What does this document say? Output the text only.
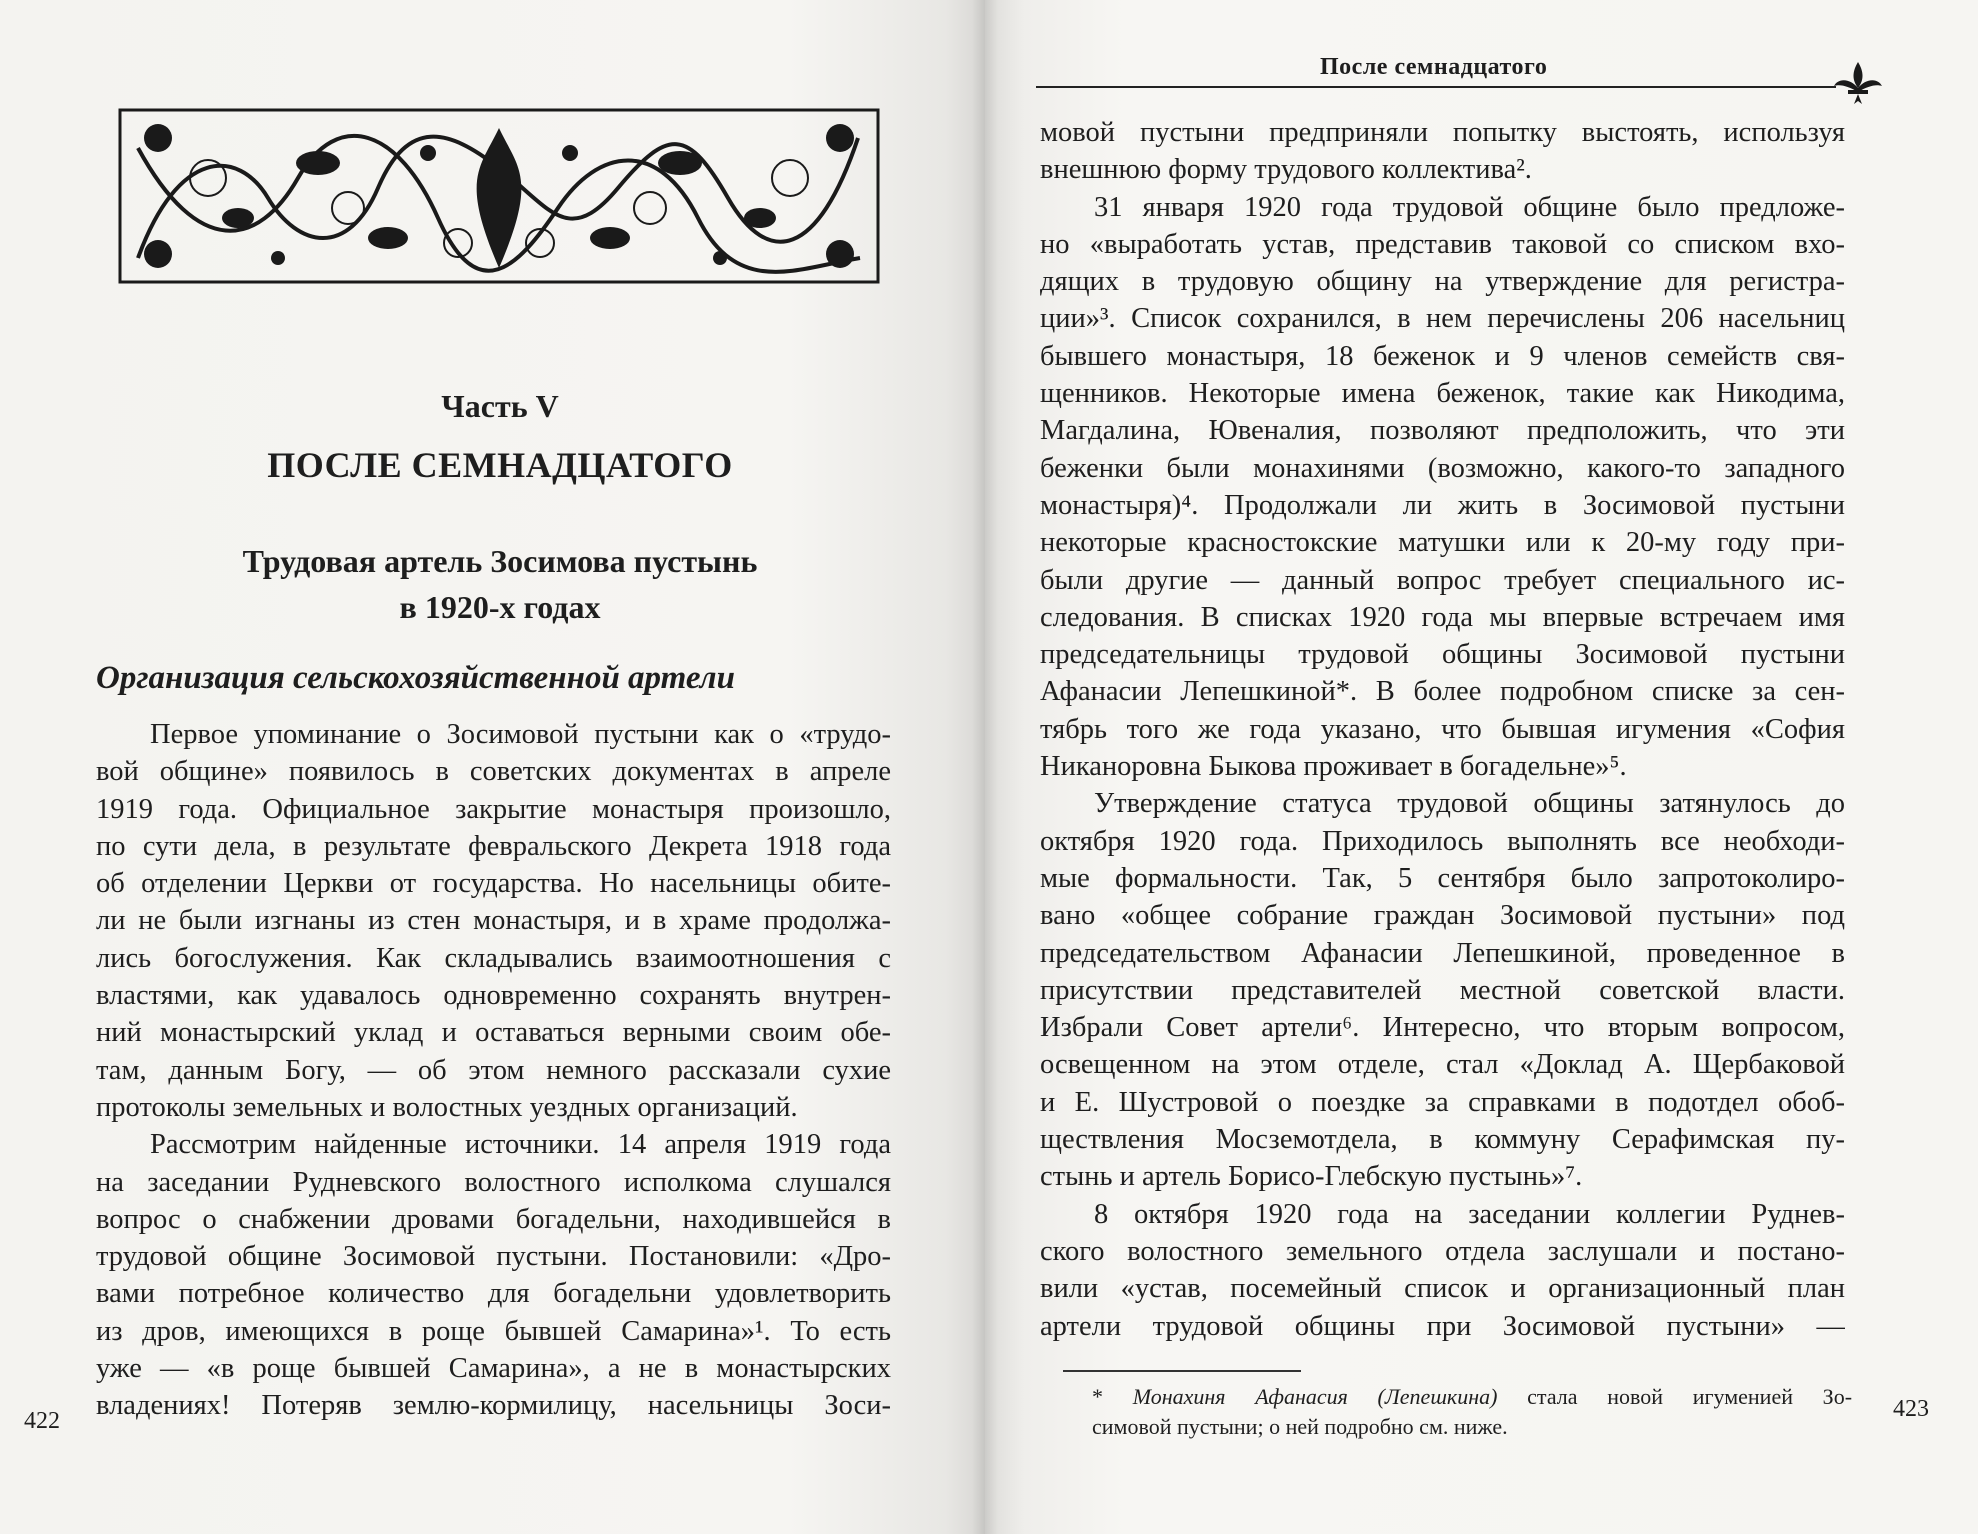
Часть V
ПОСЛЕ СЕМНАДЦАТОГО
Трудовая артель Зосимова пустынь
в 1920-х годах
Организация сельскохозяйственной артели
Первое упоминание о Зосимовой пустыни как о «трудо-
вой общине» появилось в советских документах в апреле
1919 года. Официальное закрытие монастыря произошло,
по сути дела, в результате февральского Декрета 1918 года
об отделении Церкви от государства. Но насельницы обите-
ли не были изгнаны из стен монастыря, и в храме продолжа-
лись богослужения. Как складывались взаимоотношения с
властями, как удавалось одновременно сохранять внутрен-
ний монастырский уклад и оставаться верными своим обе-
там, данным Богу, — об этом немного рассказали сухие
протоколы земельных и волостных уездных организаций.
Рассмотрим найденные источники. 14 апреля 1919 года
на заседании Рудневского волостного исполкома слушался
вопрос о снабжении дровами богадельни, находившейся в
трудовой общине Зосимовой пустыни. Постановили: «Дро-
вами потребное количество для богадельни удовлетворить
из дров, имеющихся в роще бывшей Самарина»¹. То есть
уже — «в роще бывшей Самарина», а не в монастырских
владениях! Потеряв землю-кормилицу, насельницы Зоси-
422
После семнадцатого
мовой пустыни предприняли попытку выстоять, используя
внешнюю форму трудового коллектива².
31 января 1920 года трудовой общине было предложе-
но «выработать устав, представив таковой со списком вхо-
дящих в трудовую общину на утверждение для регистра-
ции»³. Список сохранился, в нем перечислены 206 насельниц
бывшего монастыря, 18 беженок и 9 членов семейств свя-
щенников. Некоторые имена беженок, такие как Никодима,
Магдалина, Ювеналия, позволяют предположить, что эти
беженки были монахинями (возможно, какого-то западного
монастыря)⁴. Продолжали ли жить в Зосимовой пустыни
некоторые красностокские матушки или к 20-му году при-
были другие — данный вопрос требует специального ис-
следования. В списках 1920 года мы впервые встречаем имя
председательницы трудовой общины Зосимовой пустыни
Афанасии Лепешкиной*. В более подробном списке за сен-
тябрь того же года указано, что бывшая игумения «София
Никаноровна Быкова проживает в богадельне»⁵.
Утверждение статуса трудовой общины затянулось до
октября 1920 года. Приходилось выполнять все необходи-
мые формальности. Так, 5 сентября было запротоколиро-
вано «общее собрание граждан Зосимовой пустыни» под
председательством Афанасии Лепешкиной, проведенное в
присутствии представителей местной советской власти.
Избрали Совет артели⁶. Интересно, что вторым вопросом,
освещенном на этом отделе, стал «Доклад А. Щербаковой
и Е. Шустровой о поездке за справками в подотдел обоб-
ществления Мосземотдела, в коммуну Серафимская пу-
стынь и артель Борисо-Глебскую пустынь»⁷.
8 октября 1920 года на заседании коллегии Руднев-
ского волостного земельного отдела заслушали и постано-
вили «устав, посемейный список и организационный план
артели трудовой общины при Зосимовой пустыни» —
* Монахиня Афанасия (Лепешкина) стала новой игуменией Зо-
симовой пустыни; о ней подробно см. ниже.
423
